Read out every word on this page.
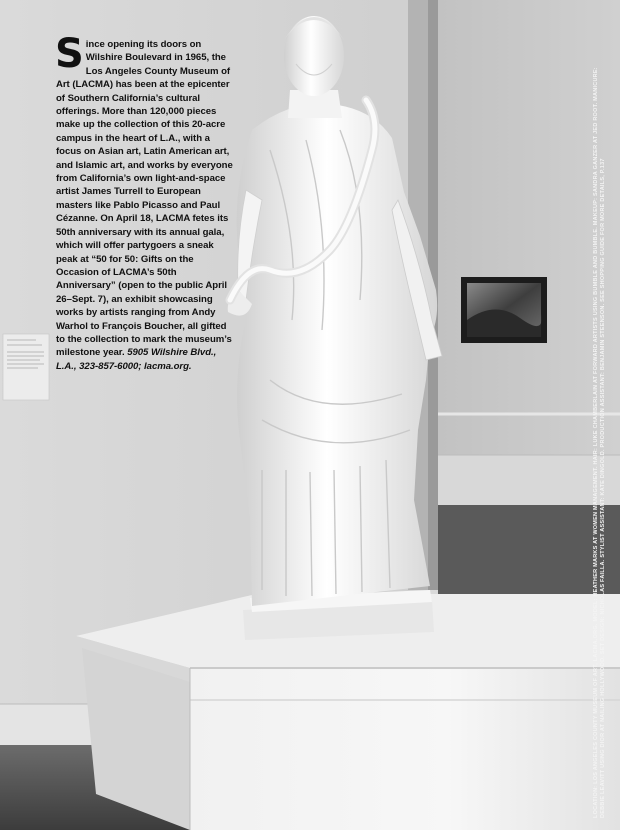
Since opening its doors on Wilshire Boulevard in 1965, the Los Angeles County Museum of Art (LACMA) has been at the epicenter of Southern California’s cultural offerings. More than 120,000 pieces make up the collection of this 20-acre campus in the heart of L.A., with a focus on Asian art, Latin American art, and Islamic art, and works by everyone from California’s own light-and-space artist James Turrell to European masters like Pablo Picasso and Paul Cézanne. On April 18, LACMA fetes its 50th anniversary with its annual gala, which will offer partygoers a sneak peak at “50 for 50: Gifts on the Occasion of LACMA’s 50th Anniversary” (open to the public April 26–Sept. 7), an exhibit showcasing works by artists ranging from Andy Warhol to François Boucher, all gifted to the collection to mark the museum’s milestone year. 5905 Wilshire Blvd., L.A., 323-857-6000; lacma.org.	LOCATION: LOS ANGELES COUNTY MUSEUM OF ART, LACMA.ORG. MODEL: HEATHER MARKS AT WOMEN MANAGEMENT. HAIR: LUKE CHAMBERLAIN AT FORWARD ARTISTS USING BUMBLE AND BUMBLE. MAKEUP: SANDRA GANZER AT JED ROOT. MANICURE: DEBBIE LEAVITT USING DIOR AT NAILING HOLLYWOOD. SET DESIGN: NICHOLAS FAILLA. STYLIST ASSISTANT: KATE DINGOLD. PRODUCTION ASSISTANT: BENJAMIN STEENSON. SEE SHOPPING GUIDE FOR MORE DETAILS, P.137
